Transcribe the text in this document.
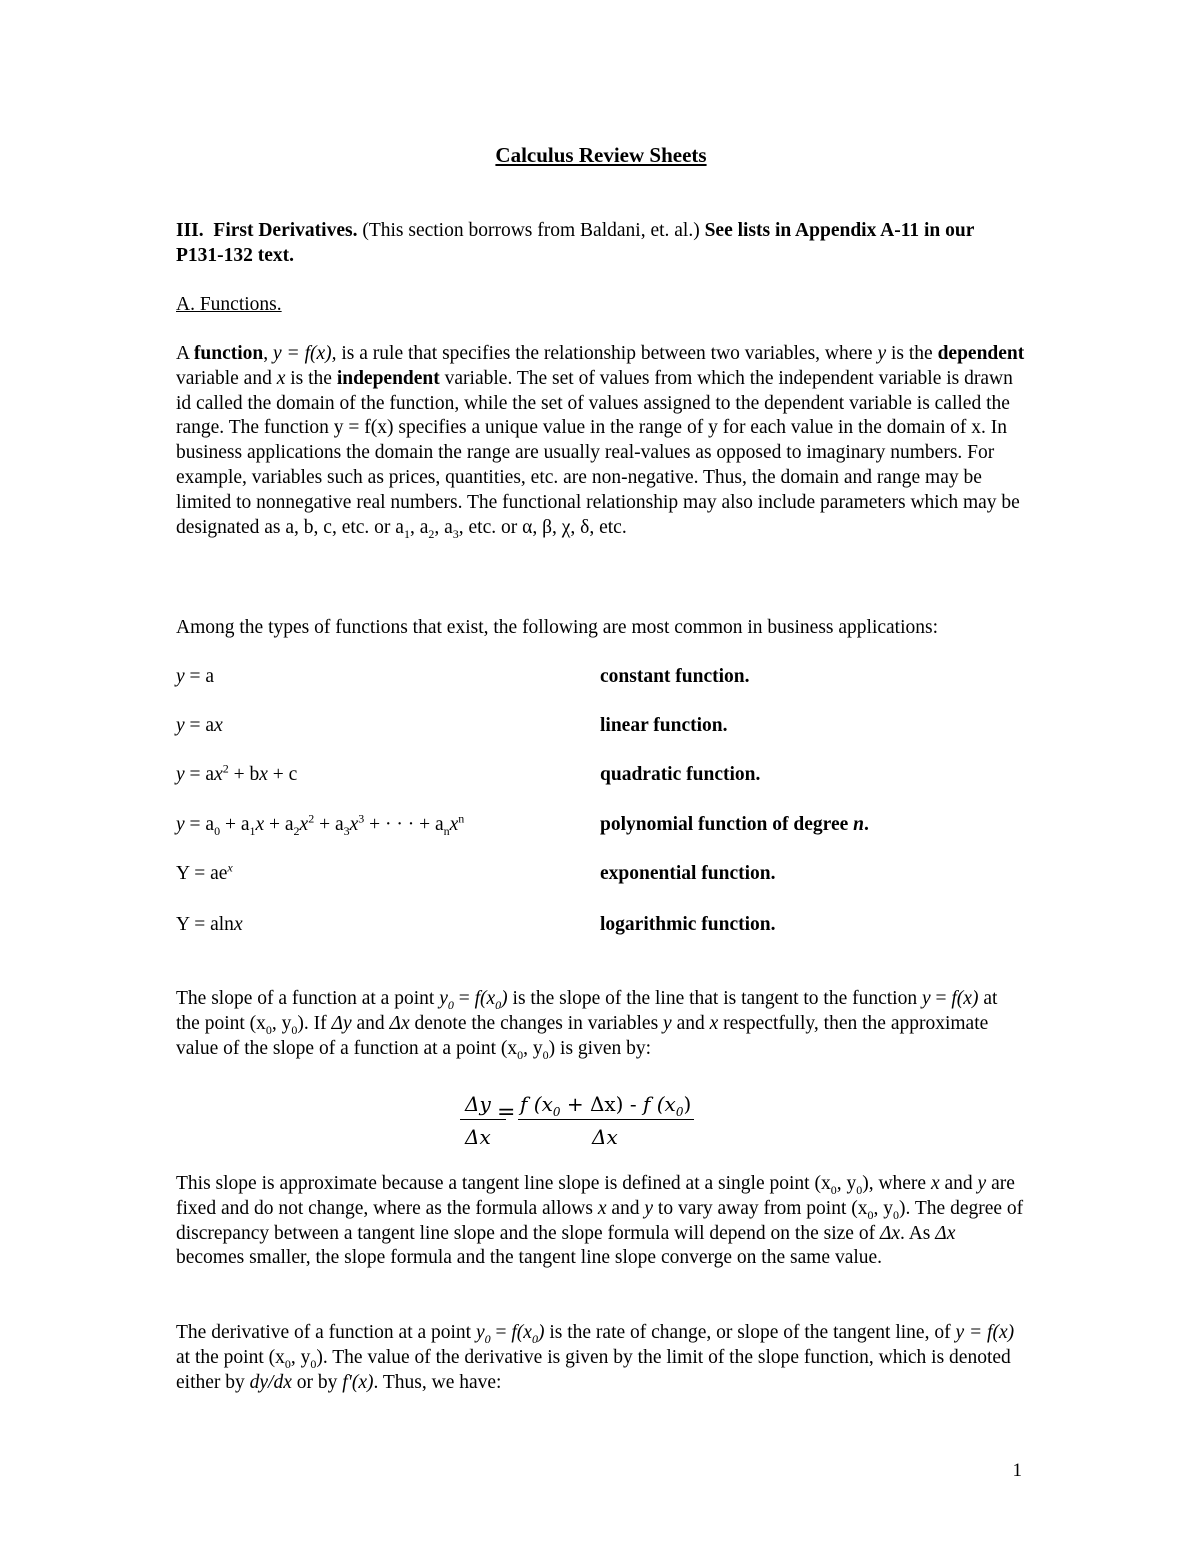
Calculus Review Sheets
III. First Derivatives. (This section borrows from Baldani, et. al.) See lists in Appendix A-11 in our P131-132 text.
A. Functions.
A function, y = f(x), is a rule that specifies the relationship between two variables, where y is the dependent variable and x is the independent variable. The set of values from which the independent variable is drawn id called the domain of the function, while the set of values assigned to the dependent variable is called the range. The function y = f(x) specifies a unique value in the range of y for each value in the domain of x. In business applications the domain the range are usually real-values as opposed to imaginary numbers. For example, variables such as prices, quantities, etc. are non-negative. Thus, the domain and range may be limited to nonnegative real numbers. The functional relationship may also include parameters which may be designated as a, b, c, etc. or $a_1$, $a_2$, $a_3$, etc. or α, β, χ, δ, etc.
Among the types of functions that exist, the following are most common in business applications:
y = a	constant function.
y = ax	linear function.
$y = ax^2$ + bx + c	quadratic function.
$y = a_0 + a_1x + a_2x^2 + a_3x^3$ + · · · + $a_nx^n$	polynomial function of degree n.
$Y = ae^x$	exponential function.
Y = alnx	logarithmic function.
The slope of a function at a point $y_0 = f(x_0)$ is the slope of the line that is tangent to the function y = f(x) at the point ($x_0$, $y_0$). If Δy and Δx denote the changes in variables y and x respectfully, then the approximate value of the slope of a function at a point ($x_0$, $y_0$) is given by:
Δy
Δx
= f $(x_0 + \Delta x) - f$ $(x_0)$
Δx
This slope is approximate because a tangent line slope is defined at a single point ($x_0$, $y_0$), where x and y are fixed and do not change, where as the formula allows x and y to vary away from point ($x_0$, $y_0$). The degree of discrepancy between a tangent line slope and the slope formula will depend on the size of Δx. As Δx becomes smaller, the slope formula and the tangent line slope converge on the same value.
The derivative of a function at a point $y_0 = f(x_0)$ is the rate of change, or slope of the tangent line, of y = f(x) at the point ($x_0$, $y_0$). The value of the derivative is given by the limit of the slope function, which is denoted either by dy/dx or by f'(x). Thus, we have:
1
